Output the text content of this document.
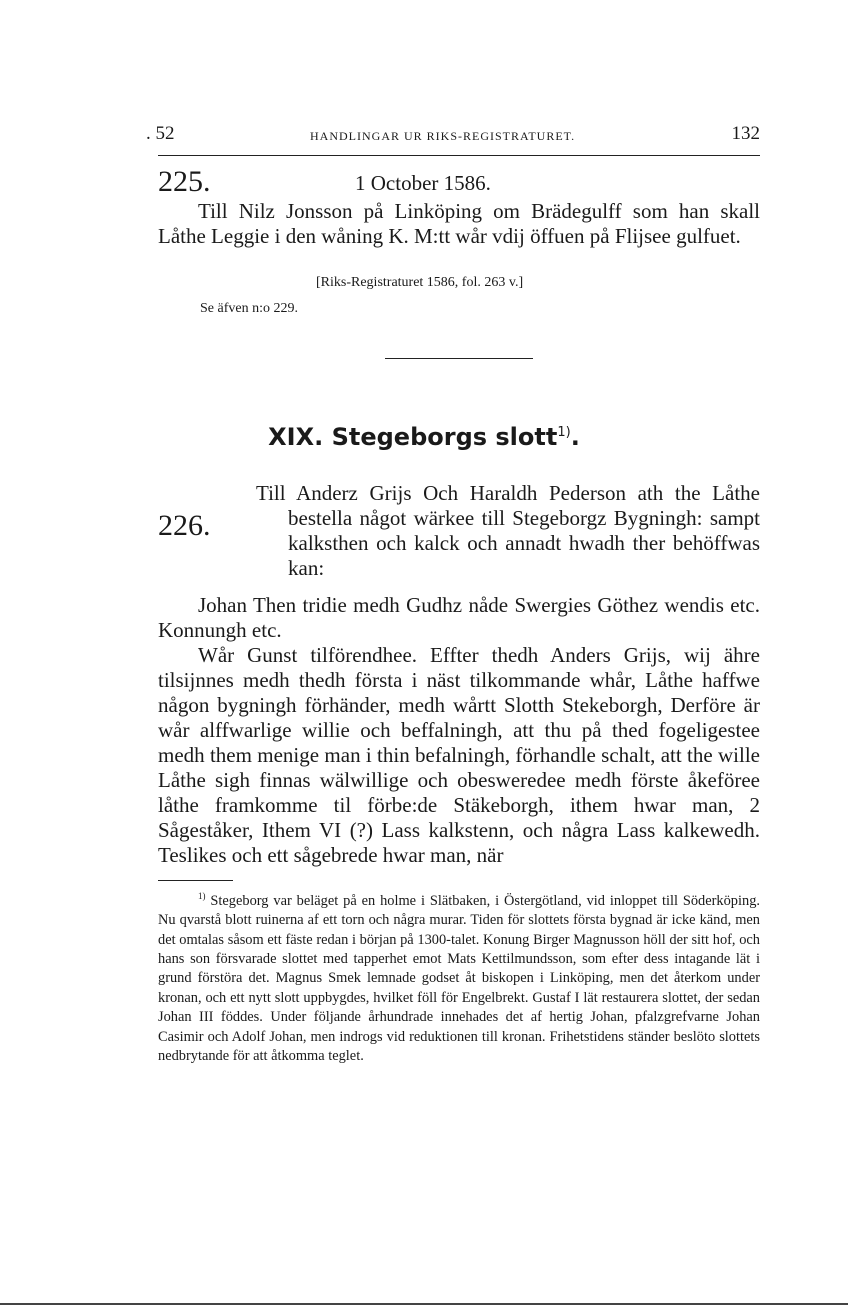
. 52	HANDLINGAR UR RIKS-REGISTRATURET.	132
225.	1 October 1586.
Till Nilz Jonsson på Linköping om Brädegulff som han skall Låthe Leggie i den wåning K. M:tt wår vdij öffuen på Flijsee gulfuet.
[Riks-Registraturet 1586, fol. 263 v.]
Se äfven n:o 229.
XIX. Stegeborgs slott$^{1)}$.
226.
Till Anderz Grijs Och Haraldh Pederson ath the Låthe bestella något wärkee till Stegeborgz Bygningh: sampt kalksthen och kalck och annadt hwadh ther behöffwas kan:

Johan Then tridie medh Gudhz nåde Swergies Göthez wendis etc. Konnungh etc.

Wår Gunst tilförendhee. Effter thedh Anders Grijs, wij ähre tilsijnnes medh thedh första i näst tilkommande whår, Låthe haffwe någon bygningh förhänder, medh wårtt Slotth Stekeborgh, Derföre är wår alffwarlige willie och beffalningh, att thu på thed fogeligestee medh them menige man i thin befalningh, förhandle schalt, att the wille Låthe sigh finnas wälwillige och obesweredee medh förste åkeföree låthe framkomme til förbe:de Stäkeborgh, ithem hwar man, 2 Sågeståker, Ithem VI (?) Lass kalkstenn, och några Lass kalkewedh. Teslikes och ett sågebrede hwar man, när

$^{1)}$ Stegeborg var beläget på en holme i Slätbaken, i Östergötland, vid inloppet till Söderköping. Nu qvarstå blott ruinerna af ett torn och några murar. Tiden för slottets första bygnad är icke känd, men det omtalas såsom ett fäste redan i början på 1300-talet. Konung Birger Magnusson höll der sitt hof, och hans son försvarade slottet med tapperhet emot Mats Kettilmundsson, som efter dess intagande lät i grund förstöra det. Magnus Smek lemnade godset åt biskopen i Linköping, men det återkom under kronan, och ett nytt slott uppbygdes, hvilket föll för Engelbrekt. Gustaf I lät restaurera slottet, der sedan Johan III föddes. Under följande århundrade innehades det af hertig Johan, pfalzgrefvarne Johan Casimir och Adolf Johan, men indrogs vid reduktionen till kronan. Frihetstidens ständer beslöto slottets nedbrytande för att åtkomma teglet.
